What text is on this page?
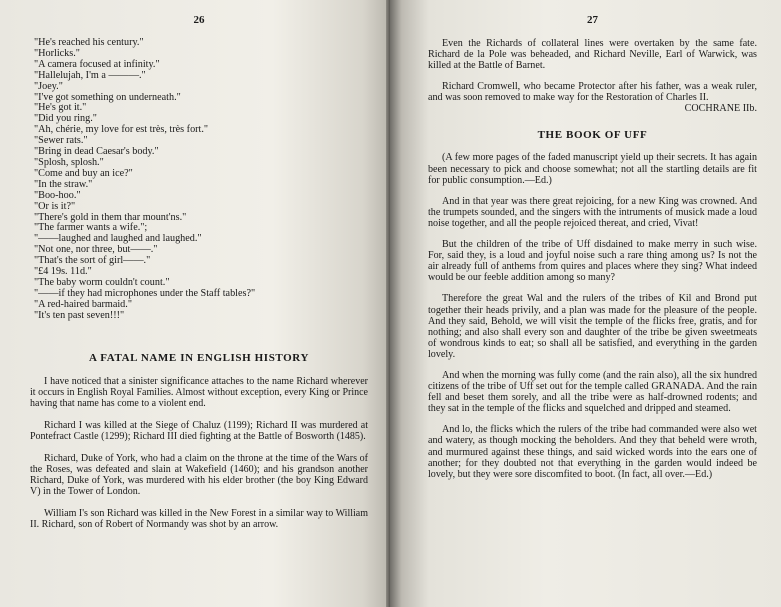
26
"He's reached his century."
"Horlicks."
"A camera focused at infinity."
"Hallelujah, I'm a ———."
"Joey."
"I've got something on underneath."
"He's got it."
"Did you ring."
"Ah, chérie, my love for est très, très fort."
"Sewer rats."
"Bring in dead Caesar's body."
"Splosh, splosh."
"Come and buy an ice?"
"In the straw."
"Boo-hoo."
"Or is it?"
"There's gold in them thar mount'ns."
"The farmer wants a wife.";
"——laughed and laughed and laughed."
"Not one, nor three, but——."
"That's the sort of girl——."
"£4 19s. 11d."
"The baby worm couldn't count."
"——if they had microphones under the Staff tables?"
"A red-haired barmaid."
"It's ten past seven!!!"
A FATAL NAME IN ENGLISH HISTORY

I have noticed that a sinister significance attaches to the name Richard wherever it occurs in English Royal Families. Almost without exception, every King or Prince having that name has come to a violent end.

Richard I was killed at the Siege of Chaluz (1199); Richard II was murdered at Pontefract Castle (1299); Richard III died fighting at the Battle of Bosworth (1485).

Richard, Duke of York, who had a claim on the throne at the time of the Wars of the Roses, was defeated and slain at Wakefield (1460); and his grandson another Richard, Duke of York, was murdered with his elder brother (the boy King Edward V) in the Tower of London.

William I's son Richard was killed in the New Forest in a similar way to William II. Richard, son of Robert of Normandy was shot by an arrow.

27

Even the Richards of collateral lines were overtaken by the same fate. Richard de la Pole was beheaded, and Richard Neville, Earl of Warwick, was killed at the Battle of Barnet.

Richard Cromwell, who became Protector after his father, was a weak ruler, and was soon removed to make way for the Restoration of Charles II.
COCHRANE IIb.

THE BOOK OF UFF

(A few more pages of the faded manuscript yield up their secrets. It has again been necessary to pick and choose somewhat; not all the startling details are fit for public consumption.—Ed.)

And in that year was there great rejoicing, for a new King was crowned. And the trumpets sounded, and the singers with the intruments of musick made a loud noise together, and all the people rejoiced thereat, and cried, Vivat!

But the children of the tribe of Uff disdained to make merry in such wise. For, said they, is a loud and joyful noise such a rare thing among us? Is not the air already full of anthems from quires and places where they sing? What indeed would be our feeble addition among so many?

Therefore the great Wal and the rulers of the tribes of Kil and Brond put together their heads privily, and a plan was made for the pleasure of the people. And they said, Behold, we will visit the temple of the flicks free, gratis, and for nothing; and also shall every son and daughter of the tribe be given sweetmeats of wondrous kinds to eat; so shall all be satisfied, and everything in the garden lovely.

And when the morning was fully come (and the rain also), all the six hundred citizens of the tribe of Uff set out for the temple called GRANADA. And the rain fell and beset them sorely, and all the tribe were as half-drowned rodents; and they sat in the temple of the flicks and squelched and dripped and steamed.

And lo, the flicks which the rulers of the tribe had commanded were also wet and watery, as though mocking the beholders. And they that beheld were wroth, and murmured against these things, and said wicked words into the ears one of another; for they doubted not that everything in the garden would indeed be lovely, but they were sore discomfited to boot. (In fact, all over.—Ed.)
